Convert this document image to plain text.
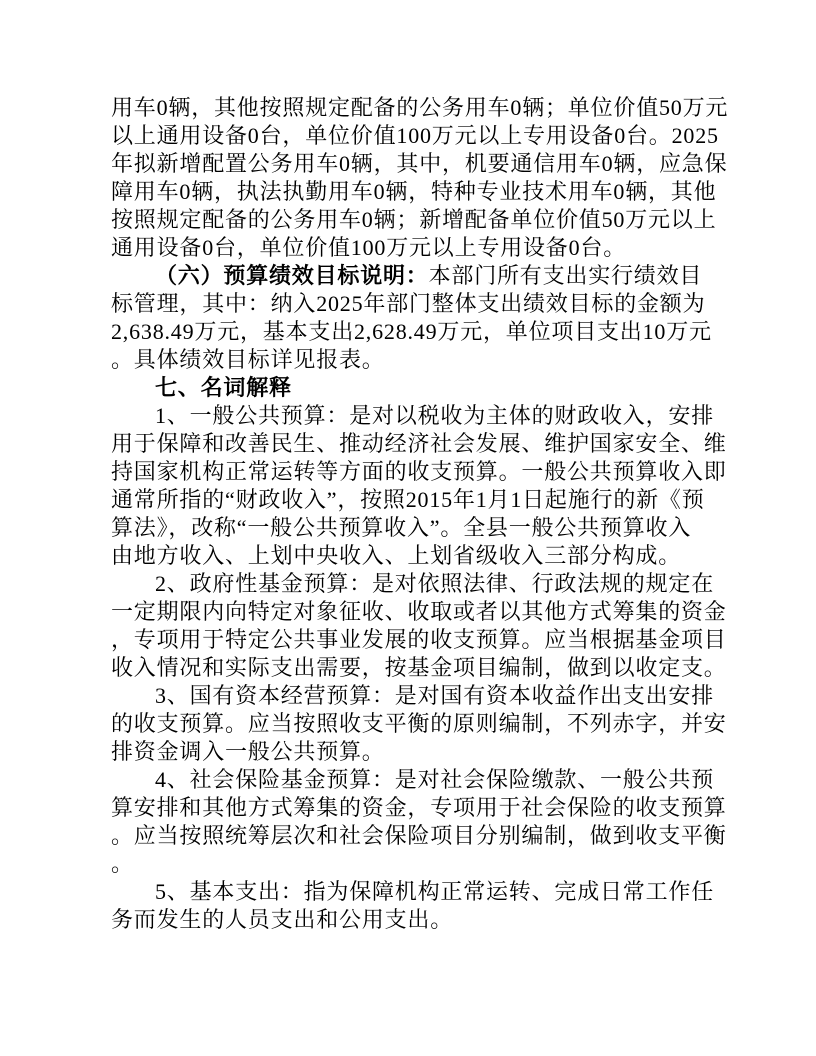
用车0辆，其他按照规定配备的公务用车0辆；单位价值50万元
以上通用设备0台，单位价值100万元以上专用设备0台。2025
年拟新增配置公务用车0辆，其中，机要通信用车0辆，应急保
障用车0辆，执法执勤用车0辆，特种专业技术用车0辆，其他
按照规定配备的公务用车0辆；新增配备单位价值50万元以上
通用设备0台，单位价值100万元以上专用设备0台。
（六）预算绩效目标说明：本部门所有支出实行绩效目
标管理，其中：纳入2025年部门整体支出绩效目标的金额为
2,638.49万元，基本支出2,628.49万元，单位项目支出10万元
。具体绩效目标详见报表。
七、名词解释
1、一般公共预算：是对以税收为主体的财政收入，安排
用于保障和改善民生、推动经济社会发展、维护国家安全、维
持国家机构正常运转等方面的收支预算。一般公共预算收入即
通常所指的“财政收入”，按照2015年1月1日起施行的新《预
算法》，改称“一般公共预算收入”。全县一般公共预算收入
由地方收入、上划中央收入、上划省级收入三部分构成。
2、政府性基金预算：是对依照法律、行政法规的规定在
一定期限内向特定对象征收、收取或者以其他方式筹集的资金
，专项用于特定公共事业发展的收支预算。应当根据基金项目
收入情况和实际支出需要，按基金项目编制，做到以收定支。
3、国有资本经营预算：是对国有资本收益作出支出安排
的收支预算。应当按照收支平衡的原则编制，不列赤字，并安
排资金调入一般公共预算。
4、社会保险基金预算：是对社会保险缴款、一般公共预
算安排和其他方式筹集的资金，专项用于社会保险的收支预算
。应当按照统筹层次和社会保险项目分别编制，做到收支平衡
。
5、基本支出：指为保障机构正常运转、完成日常工作任
务而发生的人员支出和公用支出。
